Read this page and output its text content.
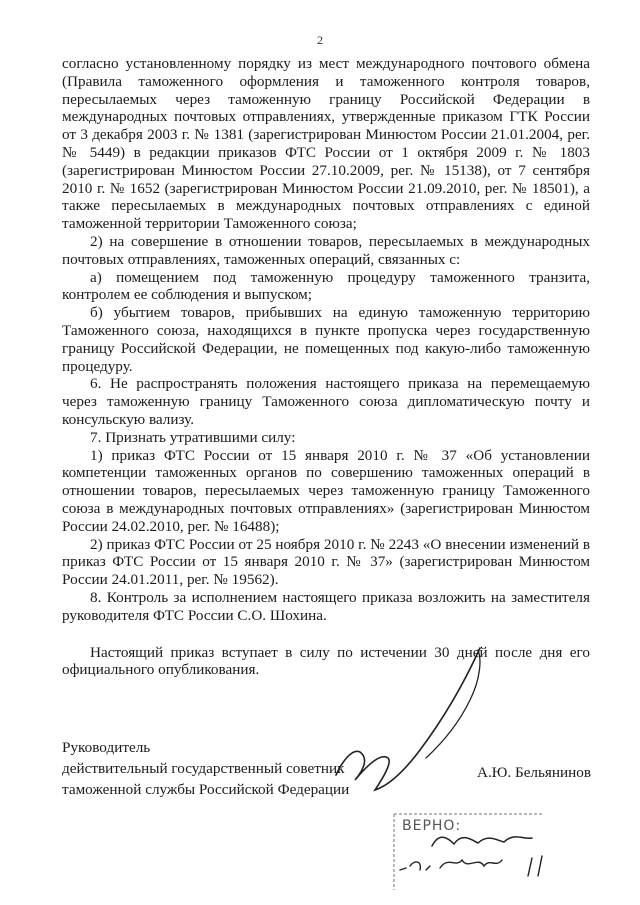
2

согласно установленному порядку из мест международного почтового обмена (Правила таможенного оформления и таможенного контроля товаров, пересылаемых через таможенную границу Российской Федерации в международных почтовых отправлениях, утвержденные приказом ГТК России от 3 декабря 2003 г. № 1381 (зарегистрирован Минюстом России 21.01.2004, рег. № 5449) в редакции приказов ФТС России от 1 октября 2009 г. № 1803 (зарегистрирован Минюстом России 27.10.2009, рег. № 15138), от 7 сентября 2010 г. № 1652 (зарегистрирован Минюстом России 21.09.2010, рег. № 18501), а также пересылаемых в международных почтовых отправлениях с единой таможенной территории Таможенного союза;

2) на совершение в отношении товаров, пересылаемых в международных почтовых отправлениях, таможенных операций, связанных с:

а) помещением под таможенную процедуру таможенного транзита, контролем ее соблюдения и выпуском;

б) убытием товаров, прибывших на единую таможенную территорию Таможенного союза, находящихся в пункте пропуска через государственную границу Российской Федерации, не помещенных под какую-либо таможенную процедуру.

6. Не распространять положения настоящего приказа на перемещаемую через таможенную границу Таможенного союза дипломатическую почту и консульскую вализу.

7. Признать утратившими силу:

1) приказ ФТС России от 15 января 2010 г. № 37 «Об установлении компетенции таможенных органов по совершению таможенных операций в отношении товаров, пересылаемых через таможенную границу Таможенного союза в международных почтовых отправлениях» (зарегистрирован Минюстом России 24.02.2010, рег. № 16488);

2) приказ ФТС России от 25 ноября 2010 г. № 2243 «О внесении изменений в приказ ФТС России от 15 января 2010 г. № 37» (зарегистрирован Минюстом России 24.01.2011, рег. № 19562).

8. Контроль за исполнением настоящего приказа возложить на заместителя руководителя ФТС России С.О. Шохина.

Настоящий приказ вступает в силу по истечении 30 дней после дня его официального опубликования.

Руководитель
действительный государственный советник
таможенной службы Российской Федерации
А.Ю. Бельянинов
ВЕРНО:
